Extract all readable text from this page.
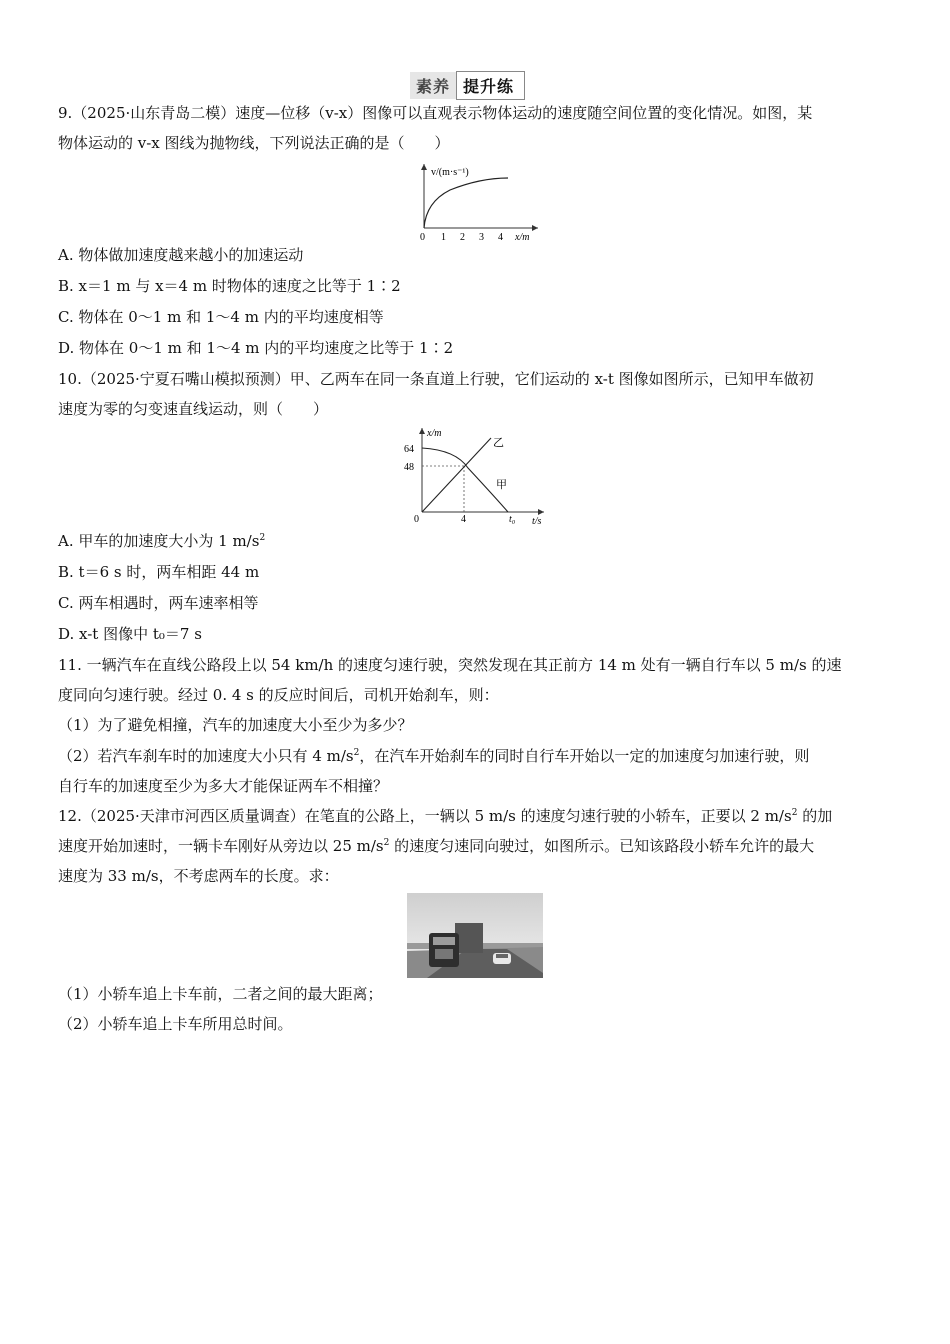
素养 提升练
9.（2025·山东青岛二模）速度—位移（v-x）图像可以直观表示物体运动的速度随空间位置的变化情况。如图，某
物体运动的 v-x 图线为抛物线，下列说法正确的是（　　）
v/(m·s⁻¹)
0 1 2 3 4 x/m
A. 物体做加速度越来越小的加速运动
B. x＝1 m 与 x＝4 m 时物体的速度之比等于 1∶2
C. 物体在 0～1 m 和 1～4 m 内的平均速度相等
D. 物体在 0～1 m 和 1～4 m 内的平均速度之比等于 1∶2
10.（2025·宁夏石嘴山模拟预测）甲、乙两车在同一条直道上行驶，它们运动的 x-t 图像如图所示，已知甲车做初
速度为零的匀变速直线运动，则（　　）
x/m
64
48
0	4	t₀ t/s
乙
甲
A. 甲车的加速度大小为 1 $m/s^2$
B. t＝6 s 时，两车相距 44 m
C. 两车相遇时，两车速率相等
D. x-t 图像中 t₀＝7 s
11. 一辆汽车在直线公路段上以 54 km/h 的速度匀速行驶，突然发现在其正前方 14 m 处有一辆自行车以 5 m/s 的速
度同向匀速行驶。经过 0. 4 s 的反应时间后，司机开始刹车，则：
（1）为了避免相撞，汽车的加速度大小至少为多少？
（2）若汽车刹车时的加速度大小只有 4 $m/s^2$，在汽车开始刹车的同时自行车开始以一定的加速度匀加速行驶，则
自行车的加速度至少为多大才能保证两车不相撞？
12.（2025·天津市河西区质量调查）在笔直的公路上，一辆以 5 m/s 的速度匀速行驶的小轿车，正要以 2 $m/s^2$ 的加
速度开始加速时，一辆卡车刚好从旁边以 25 $m/s^2$ 的速度匀速同向驶过，如图所示。已知该路段小轿车允许的最大
速度为 33 m/s，不考虑两车的长度。求：
（1）小轿车追上卡车前，二者之间的最大距离；
（2）小轿车追上卡车所用总时间。
